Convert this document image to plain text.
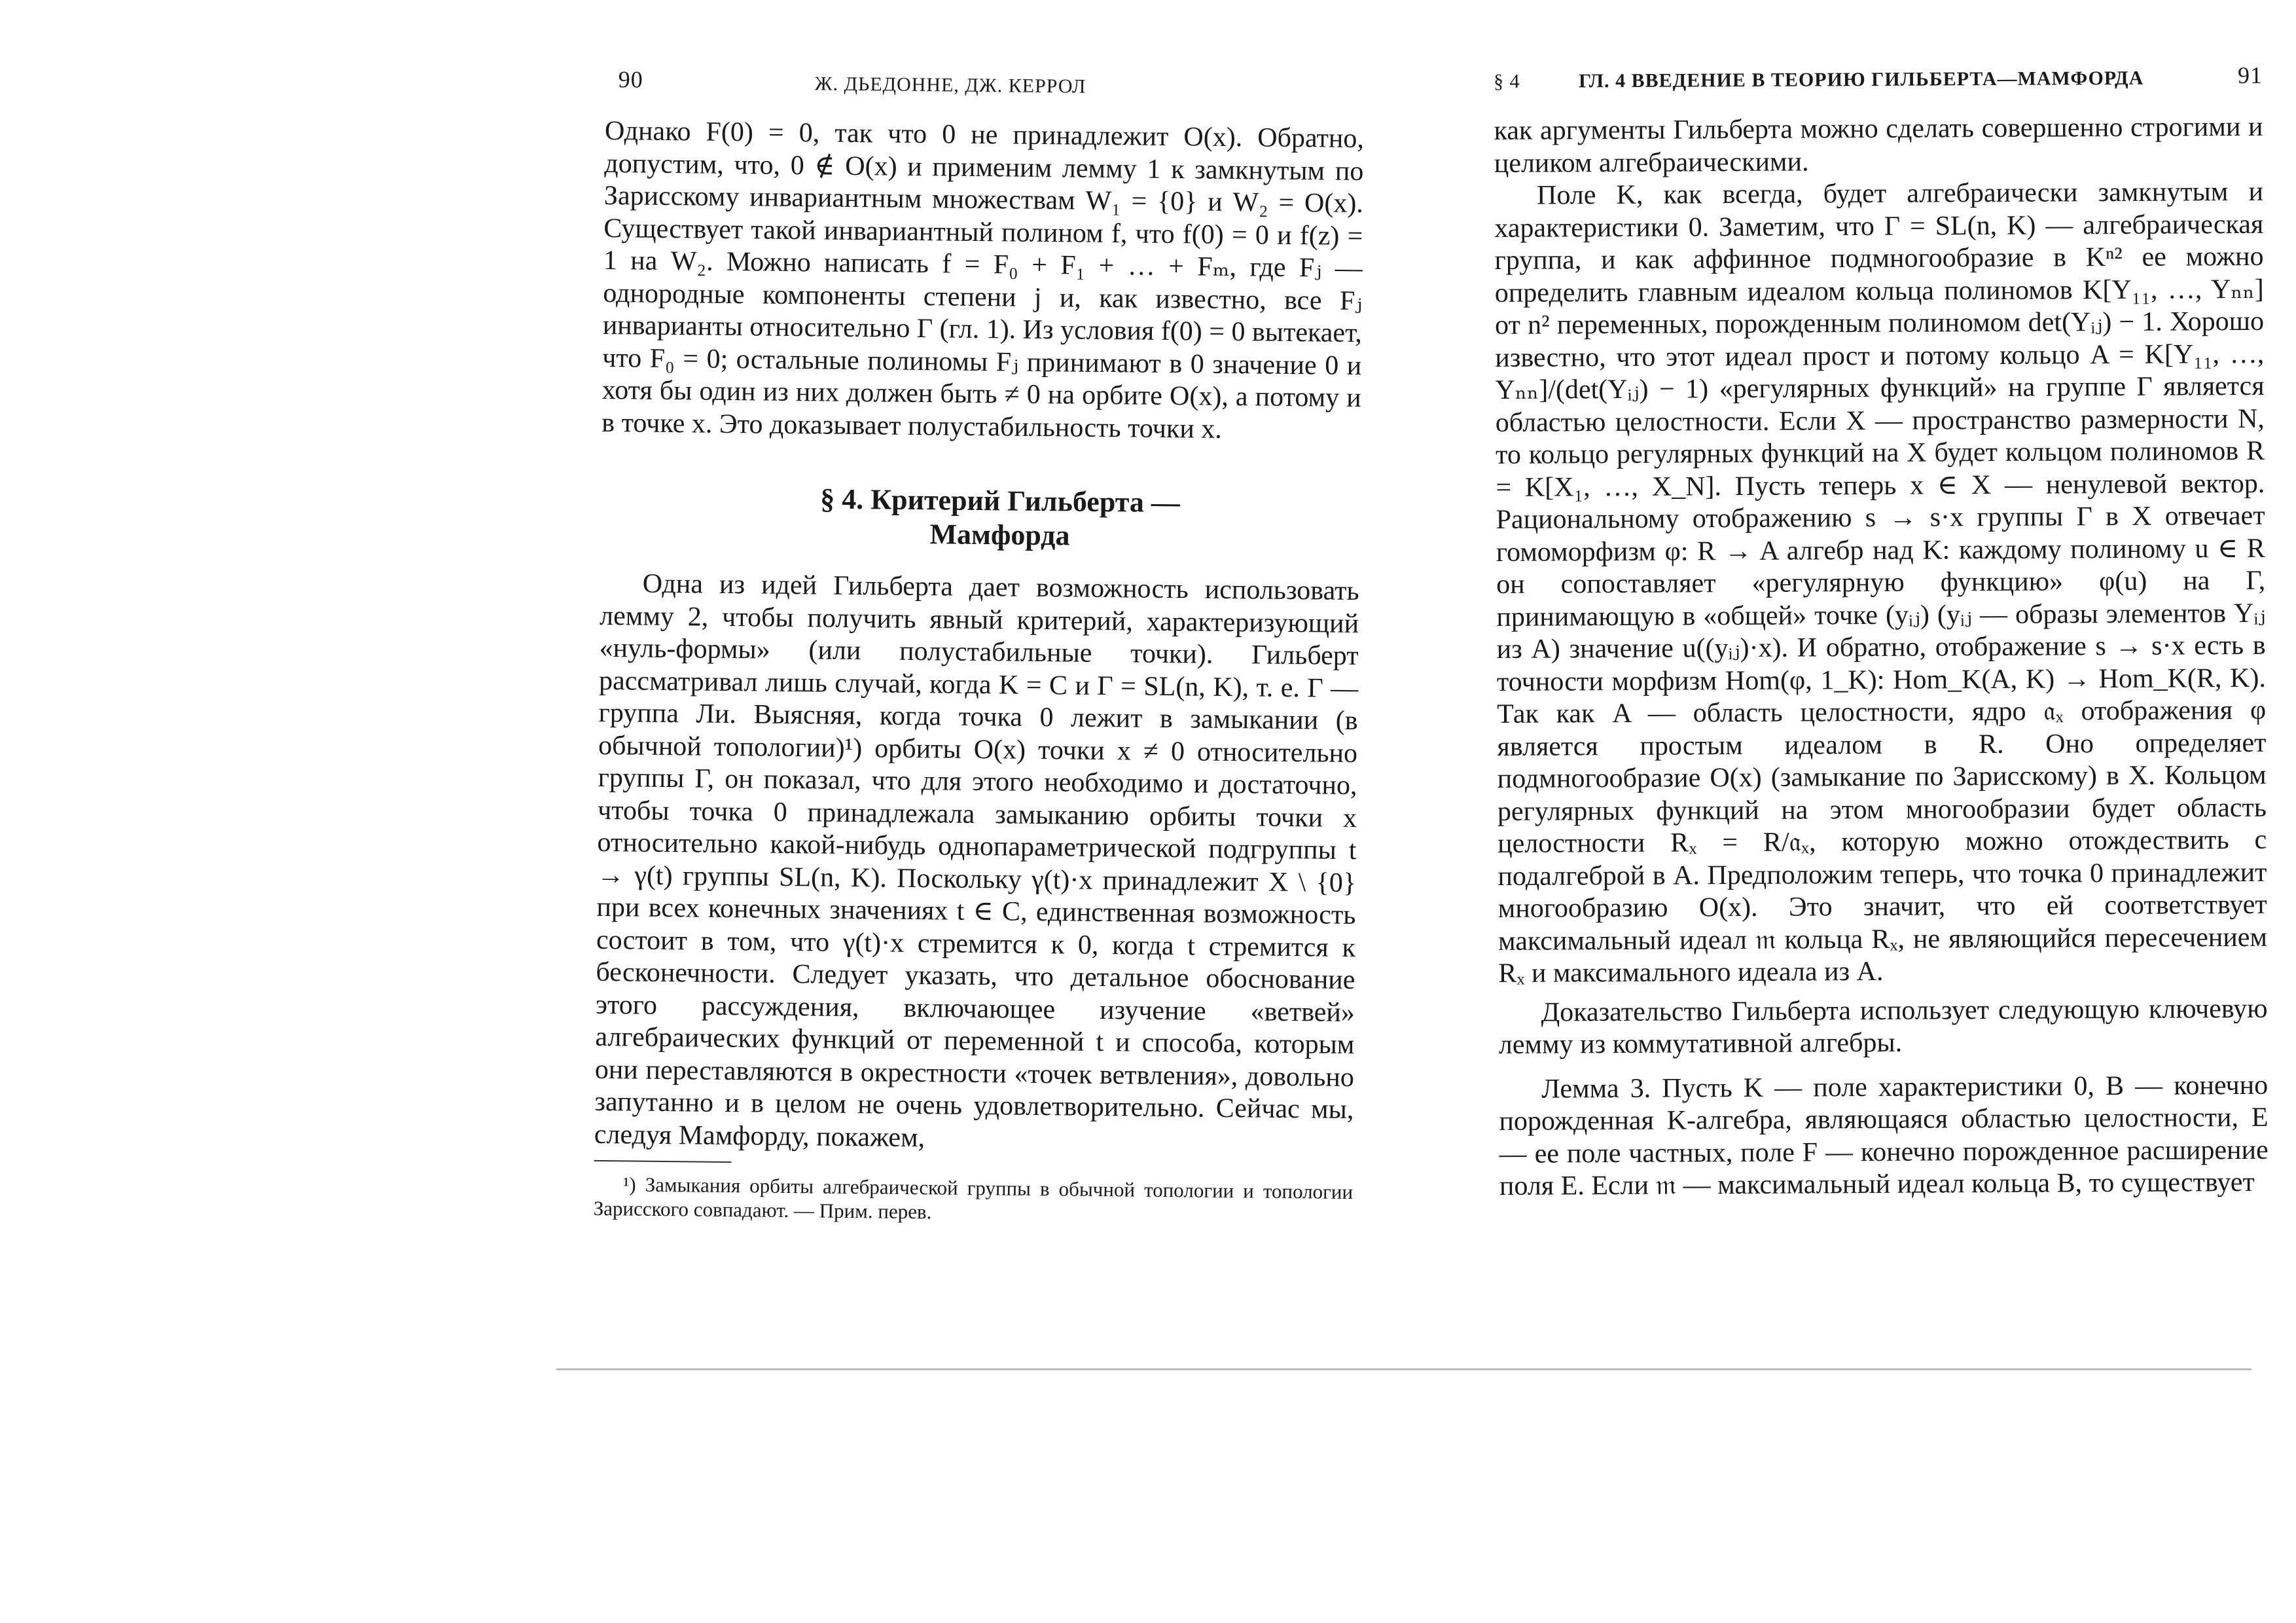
90	Ж. ДЬЕДОННЕ, ДЖ. КЕРРОЛ

Однако F(0) = 0, так что 0 не принадлежит O(x). Обратно, допустим, что, 0 ∉ O(x) и применим лемму 1 к замкнутым по Зарисскому инвариантным множествам W₁ = {0} и W₂ = O(x). Существует такой инвариантный полином f, что f(0) = 0 и f(z) = 1 на W₂. Можно написать f = F₀ + F₁ + … + Fₘ, где Fⱼ — однородные компоненты степени j и, как известно, все Fⱼ инварианты относительно Γ (гл. 1). Из условия f(0) = 0 вытекает, что F₀ = 0; остальные полиномы Fⱼ принимают в 0 значение 0 и хотя бы один из них должен быть ≠ 0 на орбите O(x), а потому и в точке x. Это доказывает полустабильность точки x.

§ 4. Критерий Гильберта —
Мамфорда

Одна из идей Гильберта дает возможность использовать лемму 2, чтобы получить явный критерий, характеризующий «нуль-формы» (или полустабильные точки). Гильберт рассматривал лишь случай, когда K = C и Γ = SL(n, K), т. е. Γ — группа Ли. Выясняя, когда точка 0 лежит в замыкании (в обычной топологии)¹) орбиты O(x) точки x ≠ 0 относительно группы Γ, он показал, что для этого необходимо и достаточно, чтобы точка 0 принадлежала замыканию орбиты точки x относительно какой-нибудь однопараметрической подгруппы t → γ(t) группы SL(n, K). Поскольку γ(t)·x принадлежит X \ {0} при всех конечных значениях t ∈ C, единственная возможность состоит в том, что γ(t)·x стремится к 0, когда t стремится к бесконечности. Следует указать, что детальное обоснование этого рассуждения, включающее изучение «ветвей» алгебраических функций от переменной t и способа, которым они переставляются в окрестности «точек ветвления», довольно запутанно и в целом не очень удовлетворительно. Сейчас мы, следуя Мамфорду, покажем,

¹) Замыкания орбиты алгебраической группы в обычной топологии и топологии Зарисского совпадают. — Прим. перев.

§ 4	ГЛ. 4 ВВЕДЕНИЕ В ТЕОРИЮ ГИЛЬБЕРТА—МАМФОРДА	91

как аргументы Гильберта можно сделать совершенно строгими и целиком алгебраическими.

Поле K, как всегда, будет алгебраически замкнутым и характеристики 0. Заметим, что Γ = SL(n, K) — алгебраическая группа, и как аффинное подмногообразие в Kⁿ² ее можно определить главным идеалом кольца полиномов K[Y₁₁, …, Yₙₙ] от n² переменных, порожденным полиномом det(Yᵢⱼ) − 1. Хорошо известно, что этот идеал прост и потому кольцо A = K[Y₁₁, …, Yₙₙ]/(det(Yᵢⱼ) − 1) «регулярных функций» на группе Γ является областью целостности. Если X — пространство размерности N, то кольцо регулярных функций на X будет кольцом полиномов R = K[X₁, …, X_N]. Пусть теперь x ∈ X — ненулевой вектор. Рациональному отображению s → s·x группы Γ в X отвечает гомоморфизм φ: R → A алгебр над K: каждому полиному u ∈ R он сопоставляет «регулярную функцию» φ(u) на Γ, принимающую в «общей» точке (yᵢⱼ) (yᵢⱼ — образы элементов Yᵢⱼ из A) значение u((yᵢⱼ)·x). И обратно, отображение s → s·x есть в точности морфизм Hom(φ, 1_K): Hom_K(A, K) → Hom_K(R, K). Так как A — область целостности, ядро 𝔞ₓ отображения φ является простым идеалом в R. Оно определяет подмногообразие O(x) (замыкание по Зарисскому) в X. Кольцом регулярных функций на этом многообразии будет область целостности Rₓ = R/𝔞ₓ, которую можно отождествить с подалгеброй в A. Предположим теперь, что точка 0 принадлежит многообразию O(x). Это значит, что ей соответствует максимальный идеал 𝔪 кольца Rₓ, не являющийся пересечением Rₓ и максимального идеала из A.

Доказательство Гильберта использует следующую ключевую лемму из коммутативной алгебры.

Лемма 3. Пусть K — поле характеристики 0, B — конечно порожденная K-алгебра, являющаяся областью целостности, E — ее поле частных, поле F — конечно порожденное расширение поля E. Если 𝔪 — максимальный идеал кольца B, то существует
